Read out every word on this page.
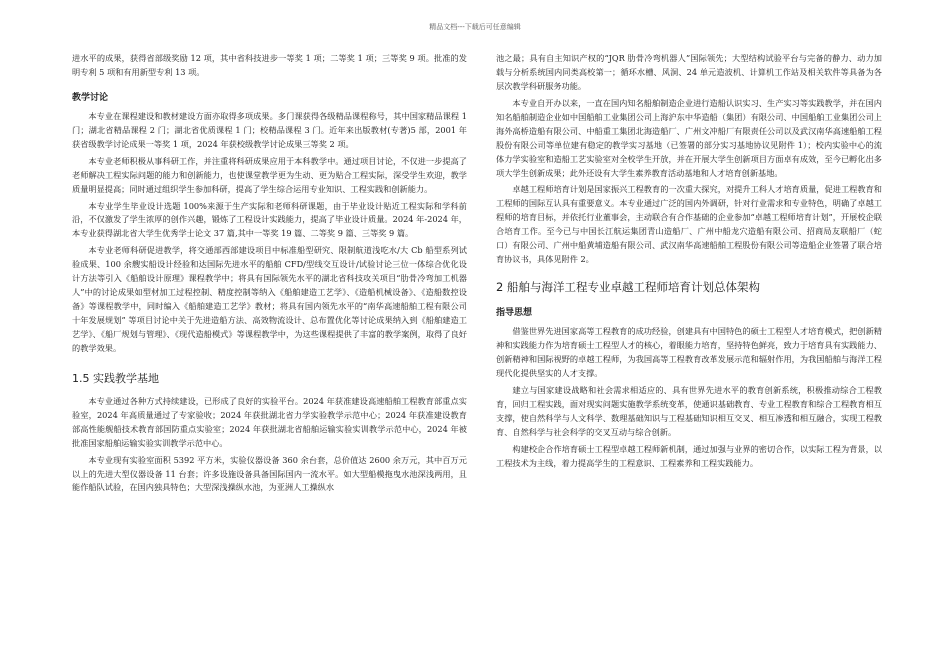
精品文档---下载后可任意编辑

进水平的成果，获得省部级奖励 12 项，其中省科技进步一等奖 1 项；二等奖 1 项；三等奖 9 项。批准的发明专利 5 项和有用新型专利 13 项。

教学讨论

本专业在课程建设和教材建设方面亦取得多项成果。多门课获得各级精品课程称号，其中国家精品课程 1 门；湖北省精品课程 2 门；湖北省优质课程 1 门；校精品课程 3 门。近年来出版教材(专著)5 部，2001 年获省级教学讨论成果一等奖 1 项，2024 年获校级教学讨论成果三等奖 2 项。

本专业老师积极从事科研工作，并注重将科研成果应用于本科教学中。通过项目讨论，不仅进一步提高了老师解决工程实际问题的能力和创新能力，也使课堂教学更为生动、更为贴合工程实际，深受学生欢迎，教学质量明显提高；同时通过组织学生参加科研，提高了学生综合运用专业知识、工程实践和创新能力。

本专业学生毕业设计选题 100%来源于生产实际和老师科研课题，由于毕业设计贴近工程实际和学科前沿，不仅激发了学生浓厚的创作兴趣，锻炼了工程设计实践能力，提高了毕业设计质量。2024 年-2024 年，本专业获得湖北省大学生优秀学士论文 37 篇,其中一等奖 19 篇、二等奖 9 篇、三等奖 9 篇。

本专业老师科研促进教学，将交通部西部建设项目中标准船型研究、限制航道浅吃水/大 Cb 船型系列试验成果、100 余艘实船设计经验和达国际先进水平的船舶 CFD/型线交互设计/试验讨论三位一体综合优化设计方法等引入《船舶设计原理》课程教学中；将具有国际领先水平的湖北省科技攻关项目“肋骨冷弯加工机器人”中的讨论成果如型材加工过程控制、精度控制等纳入《船舶建造工艺学》、《造船机械设备》、《造船数控设备》等课程教学中，同时编入《船舶建造工艺学》教材；将具有国内领先水平的“南华高速船舶工程有限公司十年发展规划” 等项目讨论中关于先进造船方法、高效物流设计、总布置优化等讨论成果纳入到《船舶建造工艺学》、《船厂规划与管理》、《现代造船模式》等课程教学中，为这些课程提供了丰富的教学案例，取得了良好的教学效果。

1.5 实践教学基地

本专业通过各种方式持续建设，已形成了良好的实验平台。2024 年获准建设高速船舶工程教育部重点实验室，2024 年高质量通过了专家验收；2024 年获批湖北省力学实验教学示范中心；2024 年获准建设教育部高性能舰船技术教育部国防重点实验室；2024 年获批湖北省船舶运输实验实训教学示范中心，2024 年被批准国家船舶运输实验实训教学示范中心。

本专业现有实验室面积 5392 平方米，实验仪器设备 360 余台套，总价值达 2600 余万元，其中百万元以上的先进大型仪器设备 11 台套；许多设施设备具备国际国内一流水平。如大型船模拖曳水池深浅两用，且能作船队试验，在国内独具特色；大型深浅操纵水池，为亚洲人工操纵水

池之最；具有自主知识产权的“JQR 肋骨冷弯机器人”国际领先；大型结构试验平台与完备的静力、动力加载与分析系统国内同类高校第一；循环水槽、风洞、24 单元造波机、计算机工作站及相关软件等具备为各层次教学科研服务功能。

本专业自开办以来，一直在国内知名船舶制造企业进行造船认识实习、生产实习等实践教学，并在国内知名船舶制造企业如中国船舶工业集团公司上海沪东中华造船（集团）有限公司、中国船舶工业集团公司上海外高桥造船有限公司、中船重工集团北海造船厂、广州文冲船厂有限责任公司以及武汉南华高速船舶工程股份有限公司等单位建有稳定的教学实习基地（已签署的部分实习基地协议见附件 1）；校内实验中心的流体力学实验室和造船工艺实验室对全校学生开放，并在开展大学生创新项目方面卓有成效，至今已孵化出多项大学生创新成果；此外还设有大学生素养教育活动基地和人才培育创新基地。

卓越工程师培育计划是国家振兴工程教育的一次重大探究，对提升工科人才培育质量，促进工程教育和工程师的国际互认具有重要意义。本专业通过广泛的国内外调研，针对行业需求和专业特色，明确了卓越工程师的培育目标，并依托行业董事会，主动联合有合作基础的企业参加“卓越工程师培育计划”，开展校企联合培育工作。至今已与中国长江航运集团青山造船厂、广州中船龙穴造船有限公司、招商局友联船厂（蛇口）有限公司、广州中船黄埔造船有限公司、武汉南华高速船舶工程股份有限公司等造船企业签署了联合培育协议书，具体见附件 2。

2 船舶与海洋工程专业卓越工程师培育计划总体架构
指导思想

借鉴世界先进国家高等工程教育的成功经验，创建具有中国特色的硕士工程型人才培育模式，把创新精神和实践能力作为培育硕士工程型人才的核心，着眼能力培育，坚持特色鲜亮，致力于培育具有实践能力、创新精神和国际视野的卓越工程师，为我国高等工程教育改革发展示范和辐射作用，为我国船舶与海洋工程现代化提供坚实的人才支撑。

建立与国家建设战略和社会需求相适应的、具有世界先进水平的教育创新系统，积极推动综合工程教育，回归工程实践，面对现实问题实施教学系统变革，使通识基础教育、专业工程教育和综合工程教育相互支撑，使自然科学与人文科学、数理基础知识与工程基础知识相互交叉、相互渗透和相互融合，实现工程教育、自然科学与社会科学的交叉互动与综合创新。

构建校企合作培育硕士工程型卓越工程师新机制，通过加强与业界的密切合作，以实际工程为背景，以工程技术为主线，着力提高学生的工程意识、工程素养和工程实践能力。
